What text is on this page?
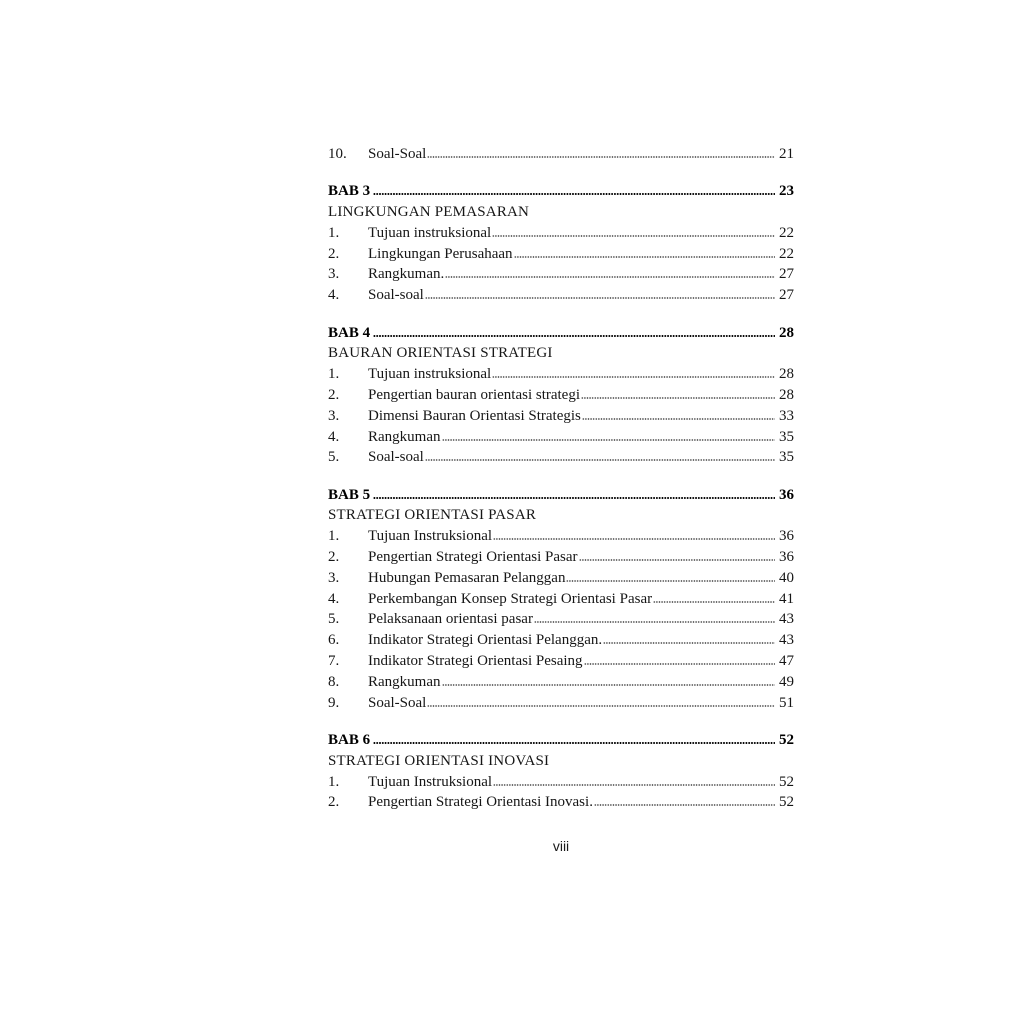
10.	Soal-Soal	21
BAB 3	23
LINGKUNGAN PEMASARAN
1.	Tujuan instruksional	22
2.	Lingkungan Perusahaan	22
3.	Rangkuman.	27
4.	Soal-soal	27
BAB 4	28
BAURAN ORIENTASI STRATEGI
1.	Tujuan instruksional	28
2.	Pengertian bauran orientasi strategi	28
3.	Dimensi Bauran Orientasi Strategis	33
4.	Rangkuman	35
5.	Soal-soal	35
BAB 5	36
STRATEGI ORIENTASI PASAR
1.	Tujuan Instruksional	36
2.	Pengertian Strategi Orientasi Pasar	36
3.	Hubungan Pemasaran Pelanggan	40
4.	Perkembangan Konsep Strategi Orientasi Pasar	41
5.	Pelaksanaan orientasi pasar	43
6.	Indikator Strategi Orientasi Pelanggan.	43
7.	Indikator Strategi Orientasi Pesaing	47
8.	Rangkuman	49
9.	Soal-Soal	51
BAB 6	52
STRATEGI ORIENTASI INOVASI
1.	Tujuan Instruksional	52
2.	Pengertian Strategi Orientasi Inovasi.	52
viii
